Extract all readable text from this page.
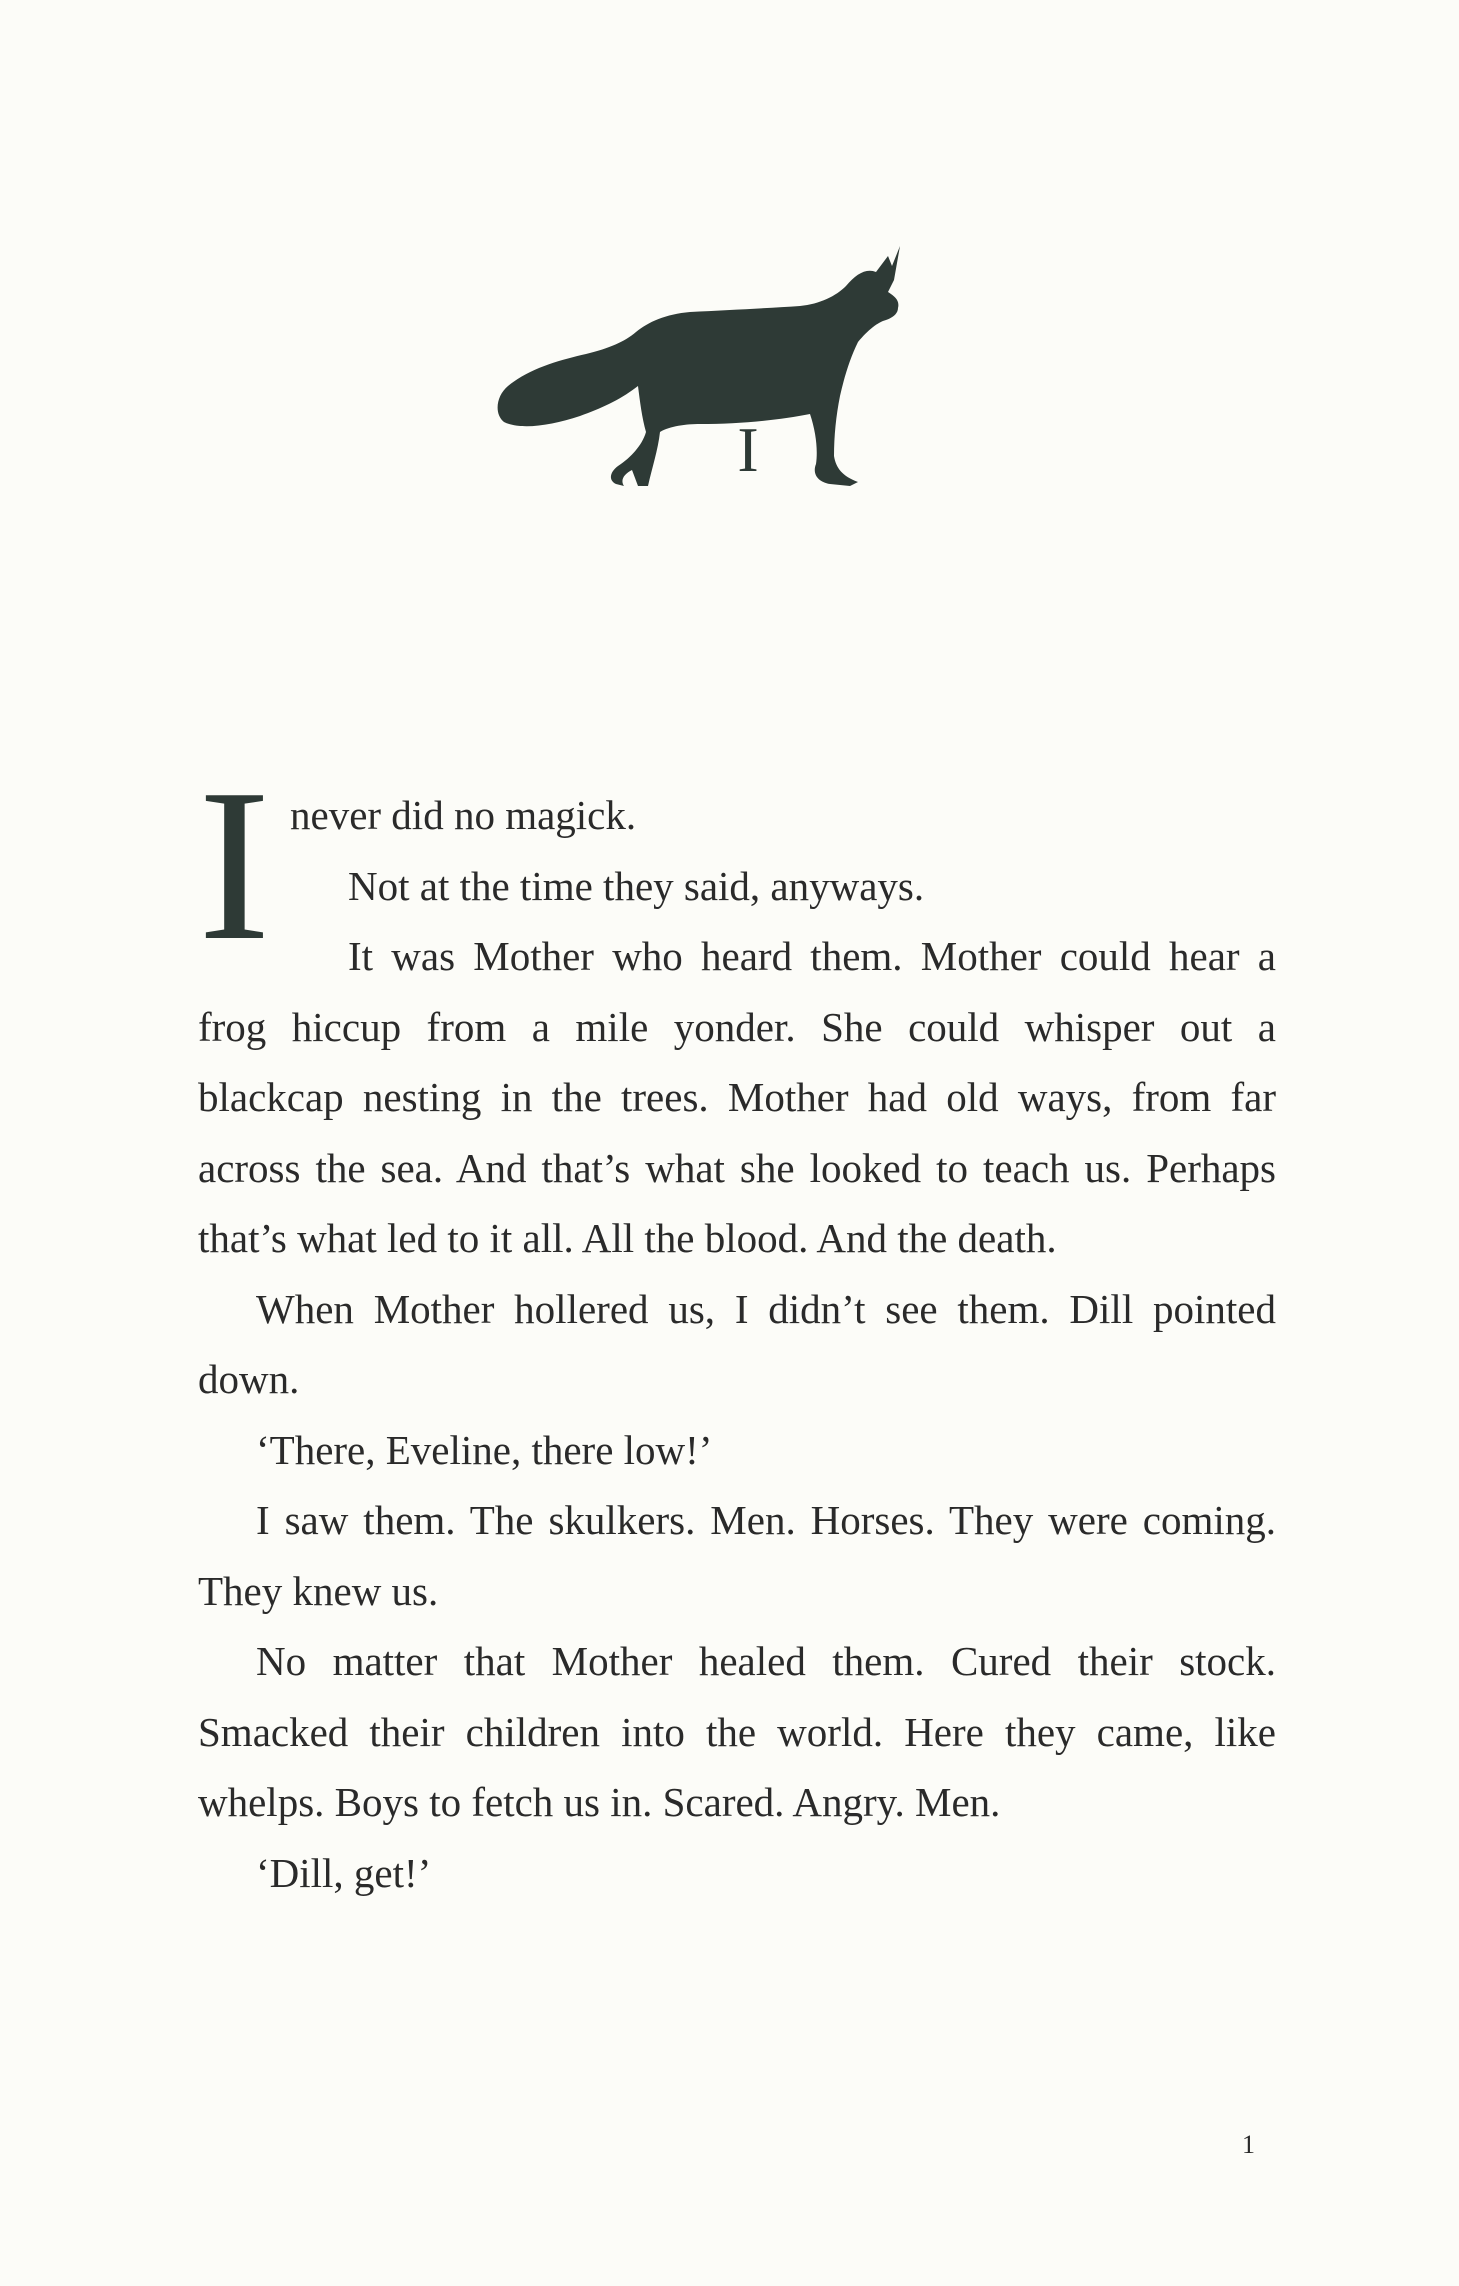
I

Inever did no magick.

Not at the time they said, anyways.

It was Mother who heard them. Mother could hear a frog hiccup from a mile yonder. She could whisper out a blackcap nesting in the trees. Mother had old ways, from far across the sea. And that’s what she looked to teach us. Perhaps that’s what led to it all. All the blood. And the death.

When Mother hollered us, I didn’t see them. Dill pointed down.

‘There, Eveline, there low!’

I saw them. The skulkers. Men. Horses. They were coming. They knew us.

No matter that Mother healed them. Cured their stock. Smacked their children into the world. Here they came, like whelps. Boys to fetch us in. Scared. Angry. Men.

‘Dill, get!’

1
